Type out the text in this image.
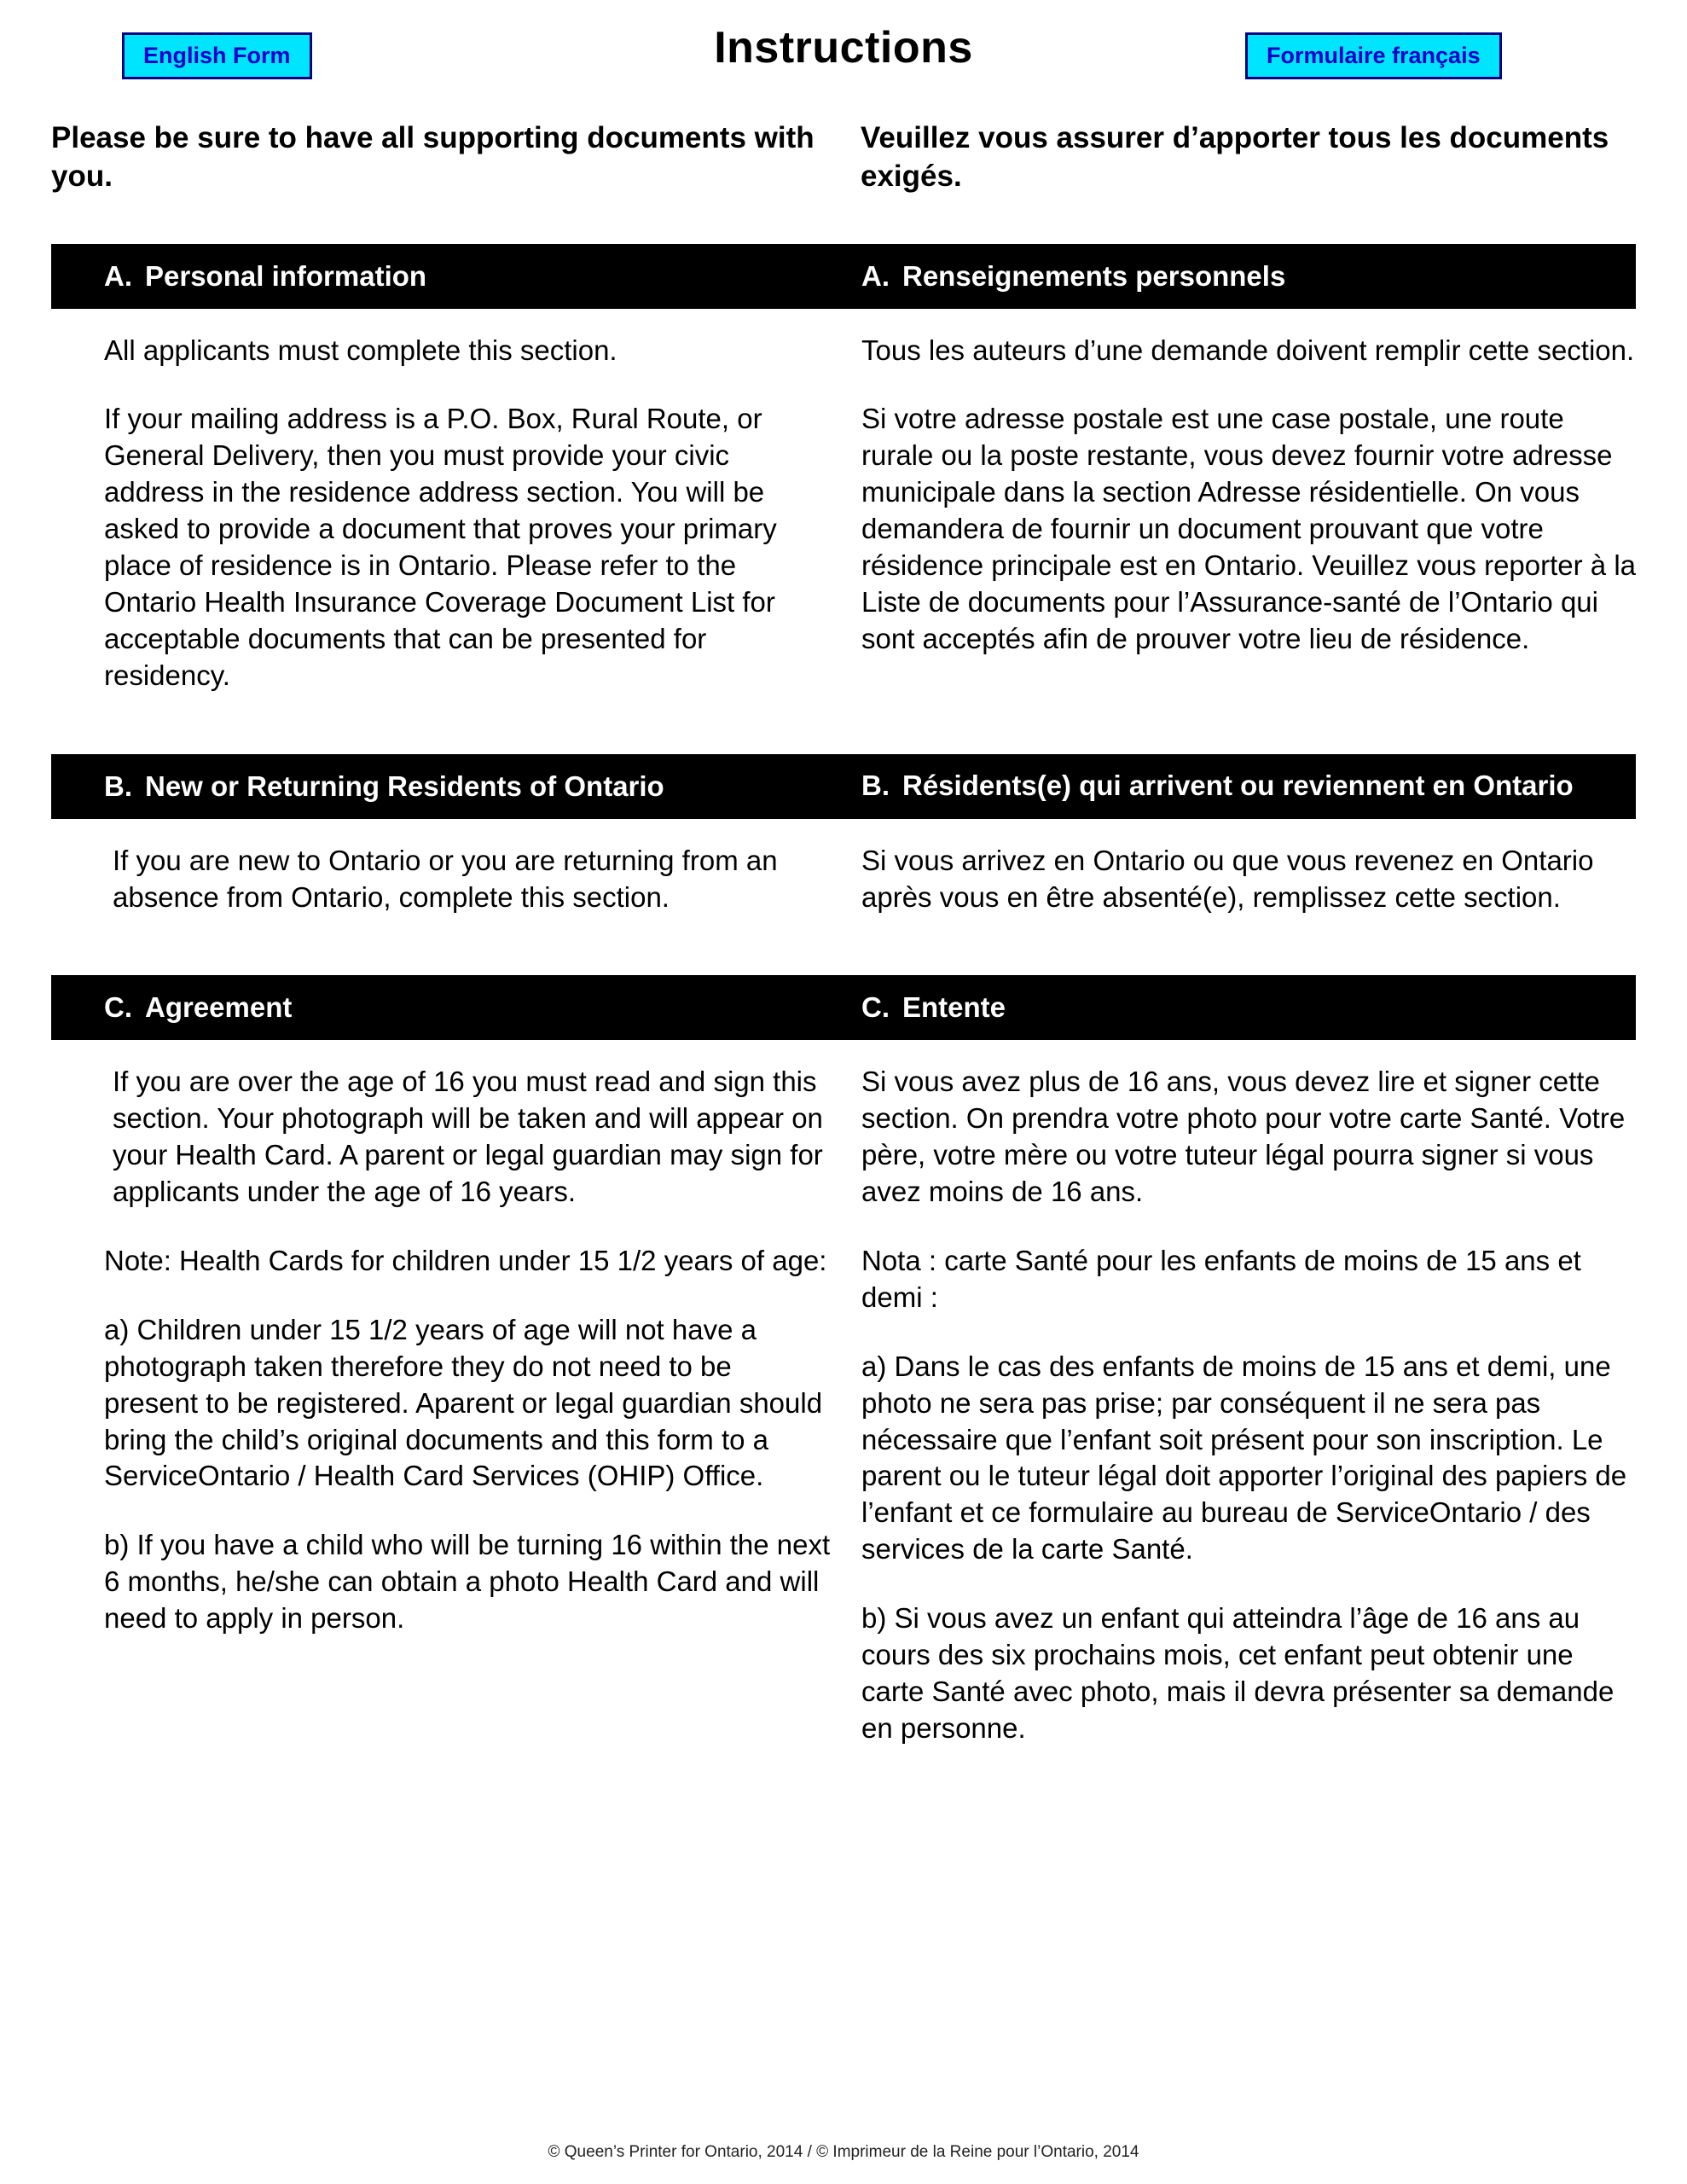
English Form	Instructions	Formulaire français
Please be sure to have all supporting documents with you.
Veuillez vous assurer d’apporter tous les documents exigés.
A. Personal information	A. Renseignements personnels

All applicants must complete this section.

If your mailing address is a P.O. Box, Rural Route, or General Delivery, then you must provide your civic address in the residence address section. You will be asked to provide a document that proves your primary place of residence is in Ontario. Please refer to the Ontario Health Insurance Coverage Document List for acceptable documents that can be presented for residency.

Tous les auteurs d’une demande doivent remplir cette section.

Si votre adresse postale est une case postale, une route rurale ou la poste restante, vous devez fournir votre adresse municipale dans la section Adresse résidentielle. On vous demandera de fournir un document prouvant que votre résidence principale est en Ontario. Veuillez vous reporter à la Liste de documents pour l’Assurance-santé de l’Ontario qui sont acceptés afin de prouver votre lieu de résidence.

B. New or Returning Residents of Ontario	B. Résidents(e) qui arrivent ou reviennent en Ontario

If you are new to Ontario or you are returning from an absence from Ontario, complete this section.

Si vous arrivez en Ontario ou que vous revenez en Ontario après vous en être absenté(e), remplissez cette section.

C. Agreement	C. Entente

If you are over the age of 16 you must read and sign this section. Your photograph will be taken and will appear on your Health Card. A parent or legal guardian may sign for applicants under the age of 16 years.

Note: Health Cards for children under 15 1/2 years of age:

a) Children under 15 1/2 years of age will not have a photograph taken therefore they do not need to be present to be registered. Aparent or legal guardian should bring the child’s original documents and this form to a ServiceOntario / Health Card Services (OHIP) Office.

b) If you have a child who will be turning 16 within the next 6 months, he/she can obtain a photo Health Card and will need to apply in person.

Si vous avez plus de 16 ans, vous devez lire et signer cette section. On prendra votre photo pour votre carte Santé. Votre père, votre mère ou votre tuteur légal pourra signer si vous avez moins de 16 ans.

Nota : carte Santé pour les enfants de moins de 15 ans et demi :

a) Dans le cas des enfants de moins de 15 ans et demi, une photo ne sera pas prise; par conséquent il ne sera pas nécessaire que l’enfant soit présent pour son inscription. Le parent ou le tuteur légal doit apporter l’original des papiers de l’enfant et ce formulaire au bureau de ServiceOntario / des services de la carte Santé.

b) Si vous avez un enfant qui atteindra l’âge de 16 ans au cours des six prochains mois, cet enfant peut obtenir une carte Santé avec photo, mais il devra présenter sa demande en personne.

© Queen’s Printer for Ontario, 2014 / © Imprimeur de la Reine pour l’Ontario, 2014
